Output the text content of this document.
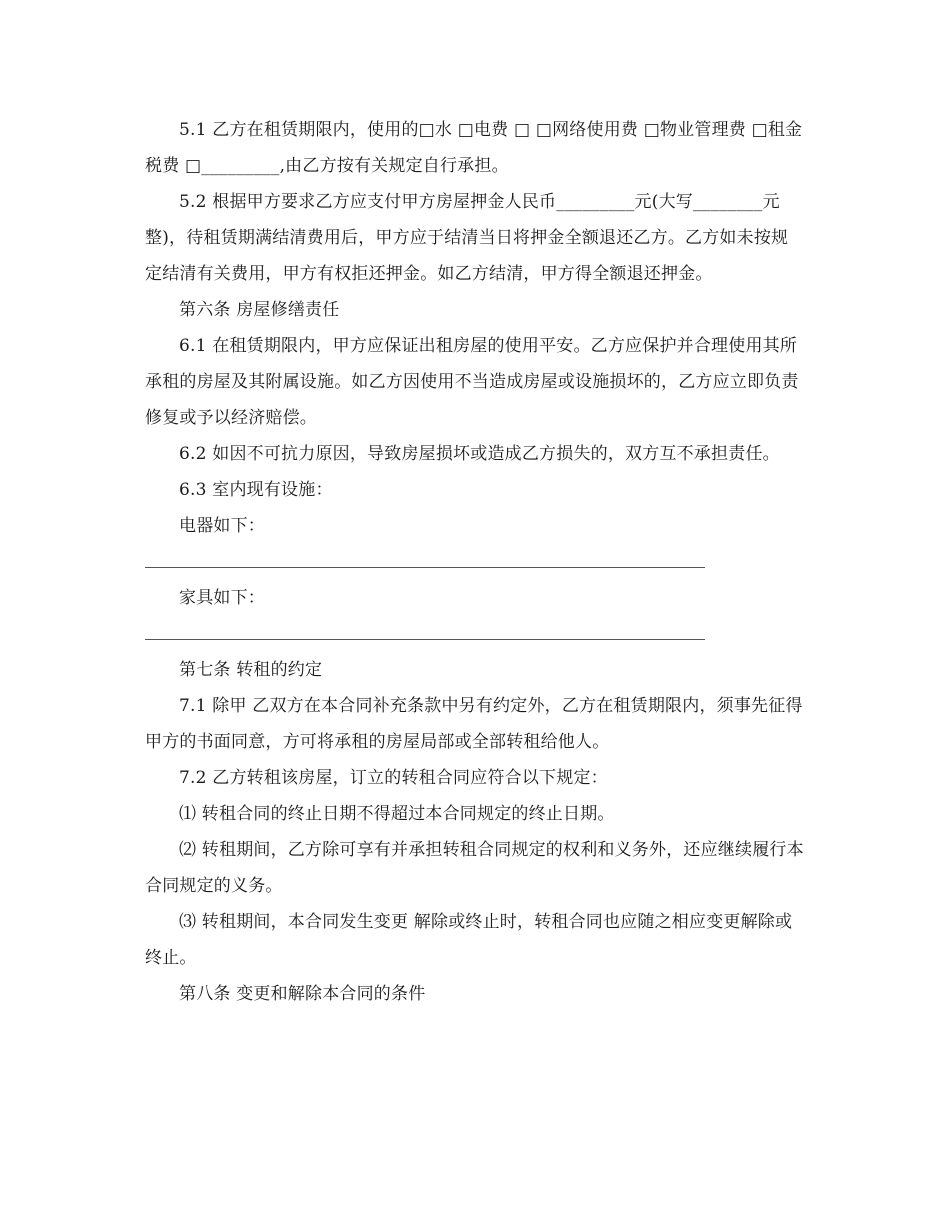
5.1 乙方在租赁期限内，使用的□水 □电费 □ □网络使用费 □物业管理费 □租金税费 □_________,由乙方按有关规定自行承担。

5.2 根据甲方要求乙方应支付甲方房屋押金人民币_________元(大写________元整)，待租赁期满结清费用后，甲方应于结清当日将押金全额退还乙方。乙方如未按规定结清有关费用，甲方有权拒还押金。如乙方结清，甲方得全额退还押金。

第六条 房屋修缮责任

6.1 在租赁期限内，甲方应保证出租房屋的使用平安。乙方应保护并合理使用其所承租的房屋及其附属设施。如乙方因使用不当造成房屋或设施损坏的，乙方应立即负责修复或予以经济赔偿。

6.2 如因不可抗力原因，导致房屋损坏或造成乙方损失的，双方互不承担责任。

6.3 室内现有设施：

电器如下：

家具如下：

第七条 转租的约定

7.1 除甲 乙双方在本合同补充条款中另有约定外，乙方在租赁期限内，须事先征得甲方的书面同意，方可将承租的房屋局部或全部转租给他人。

7.2 乙方转租该房屋，订立的转租合同应符合以下规定：

⑴ 转租合同的终止日期不得超过本合同规定的终止日期。

⑵ 转租期间，乙方除可享有并承担转租合同规定的权利和义务外，还应继续履行本合同规定的义务。

⑶ 转租期间，本合同发生变更 解除或终止时，转租合同也应随之相应变更解除或终止。

第八条 变更和解除本合同的条件
